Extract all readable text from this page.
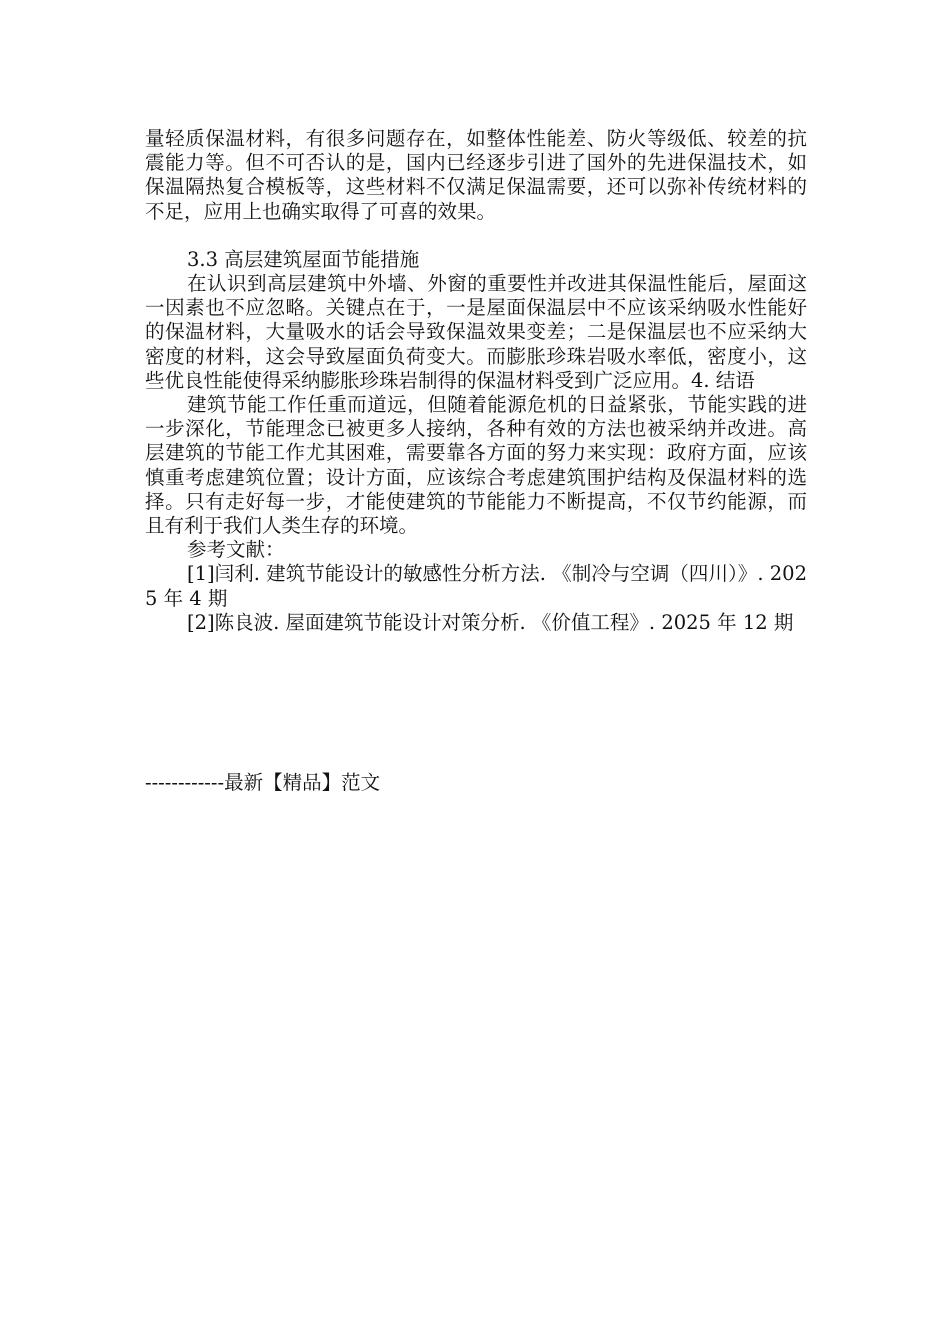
量轻质保温材料，有很多问题存在，如整体性能差、防火等级低、较差的抗震能力等。但不可否认的是，国内已经逐步引进了国外的先进保温技术，如保温隔热复合模板等，这些材料不仅满足保温需要，还可以弥补传统材料的不足，应用上也确实取得了可喜的效果。

3.3 高层建筑屋面节能措施

在认识到高层建筑中外墙、外窗的重要性并改进其保温性能后，屋面这一因素也不应忽略。关键点在于，一是屋面保温层中不应该采纳吸水性能好的保温材料，大量吸水的话会导致保温效果变差；二是保温层也不应采纳大密度的材料，这会导致屋面负荷变大。而膨胀珍珠岩吸水率低，密度小，这些优良性能使得采纳膨胀珍珠岩制得的保温材料受到广泛应用。4. 结语

建筑节能工作任重而道远，但随着能源危机的日益紧张，节能实践的进一步深化，节能理念已被更多人接纳，各种有效的方法也被采纳并改进。高层建筑的节能工作尤其困难，需要靠各方面的努力来实现：政府方面，应该慎重考虑建筑位置；设计方面，应该综合考虑建筑围护结构及保温材料的选择。只有走好每一步，才能使建筑的节能能力不断提高，不仅节约能源，而且有利于我们人类生存的环境。

参考文献：

[1]闫利. 建筑节能设计的敏感性分析方法. 《制冷与空调（四川）》. 2025 年 4 期

[2]陈良波. 屋面建筑节能设计对策分析. 《价值工程》. 2025 年 12 期

------------最新【精品】范文
